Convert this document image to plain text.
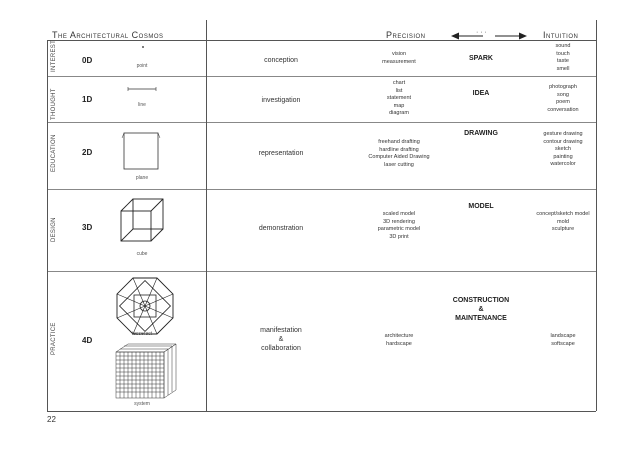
The Architectural Cosmos	Precision	Intuition
· · ·
INTEREST
THOUGHT
EDUCATION
DESIGN
PRACTICE
0D
1D
2D
3D
4D
point
line
plane
cube
tesseract
system
conception
investigation
representation
demonstration
manifestation
&
collaboration
vision
measurement
chart
list
statement
map
diagram
freehand drafting
hardline drafting
Computer Aided Drawing
laser cutting
scaled model
3D rendering
parametric model
3D print
architecture
hardscape
SPARK
IDEA
DRAWING
MODEL
CONSTRUCTION
&
MAINTENANCE
sound
touch
taste
smell
photograph
song
poem
conversation
gesture drawing
contour drawing
sketch
painting
watercolor
concept/sketch model
mold
sculpture
landscape
softscape
22
